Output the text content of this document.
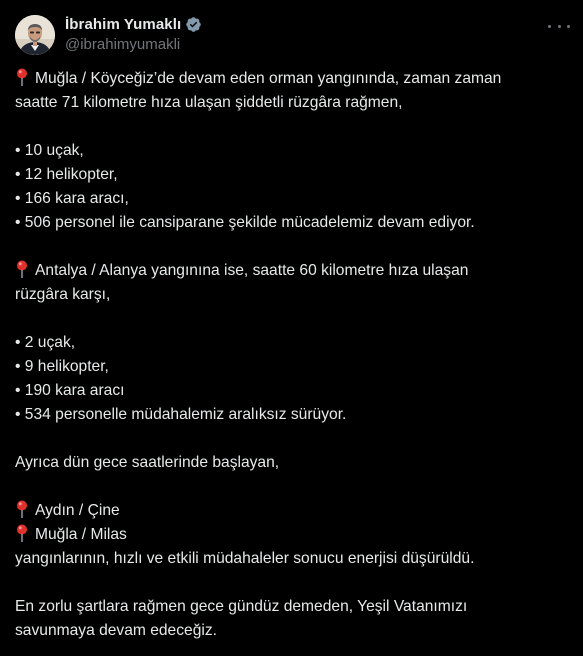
İbrahim Yumaklı
@ibrahimyumakli
Muğla / Köyceğiz’de devam eden orman yangınında, zaman zaman
saatte 71 kilometre hıza ulaşan şiddetli rüzgâra rağmen,
• 10 uçak,
• 12 helikopter,
• 166 kara aracı,
• 506 personel ile cansiparane şekilde mücadelemiz devam ediyor.
Antalya / Alanya yangınına ise, saatte 60 kilometre hıza ulaşan
rüzgâra karşı,
• 2 uçak,
• 9 helikopter,
• 190 kara aracı
• 534 personelle müdahalemiz aralıksız sürüyor.
Ayrıca dün gece saatlerinde başlayan,
Aydın / Çine
Muğla / Milas
yangınlarının, hızlı ve etkili müdahaleler sonucu enerjisi düşürüldü.
En zorlu şartlara rağmen gece gündüz demeden, Yeşil Vatanımızı
savunmaya devam edeceğiz.
